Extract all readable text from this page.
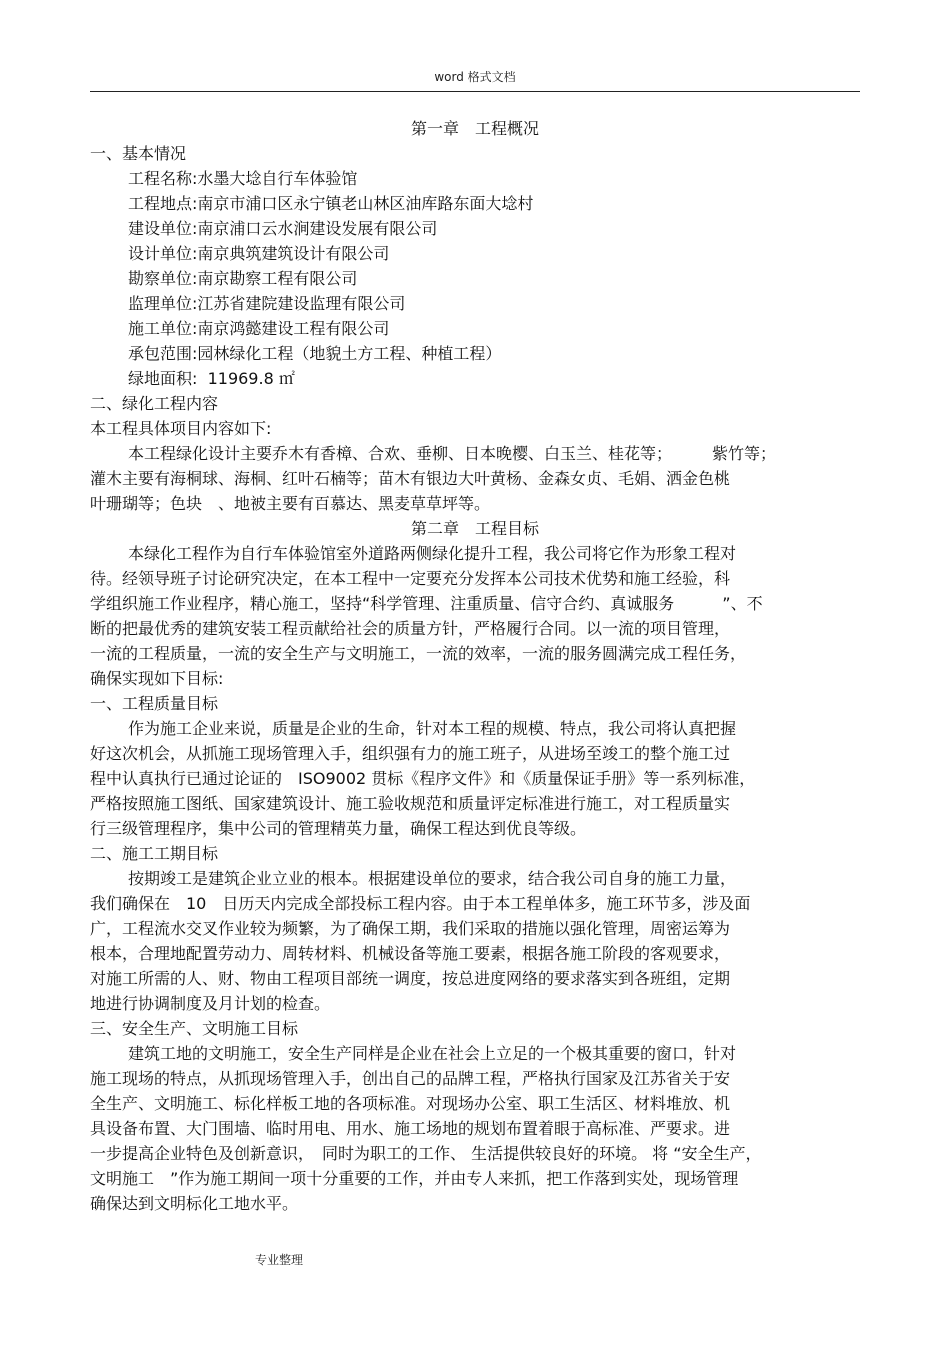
word 格式文档
第一章　工程概况
一、基本情况
工程名称:水墨大埝自行车体验馆
工程地点:南京市浦口区永宁镇老山林区油库路东面大埝村
建设单位:南京浦口云水涧建设发展有限公司
设计单位:南京典筑建筑设计有限公司
勘察单位:南京勘察工程有限公司
监理单位:江苏省建院建设监理有限公司
施工单位:南京鸿懿建设工程有限公司
承包范围:园林绿化工程（地貌土方工程、种植工程）
绿地面积: 11969.8 ㎡
二、绿化工程内容
本工程具体项目内容如下:
本工程绿化设计主要乔木有香樟、合欢、垂柳、日本晚樱、白玉兰、桂花等；　　　紫竹等；
灌木主要有海桐球、海桐、红叶石楠等；苗木有银边大叶黄杨、金森女贞、毛娟、洒金色桃
叶珊瑚等；色块　、地被主要有百慕达、黑麦草草坪等。
第二章　工程目标
本绿化工程作为自行车体验馆室外道路两侧绿化提升工程，我公司将它作为形象工程对
待。经领导班子讨论研究决定，在本工程中一定要充分发挥本公司技术优势和施工经验，科
学组织施工作业程序，精心施工，坚持“科学管理、注重质量、信守合约、真诚服务　　　”、不
断的把最优秀的建筑安装工程贡献给社会的质量方针，严格履行合同。以一流的项目管理，
一流的工程质量，一流的安全生产与文明施工，一流的效率，一流的服务圆满完成工程任务，
确保实现如下目标:
一、工程质量目标
作为施工企业来说，质量是企业的生命，针对本工程的规模、特点，我公司将认真把握
好这次机会，从抓施工现场管理入手，组织强有力的施工班子，从进场至竣工的整个施工过
程中认真执行已通过论证的　ISO9002 贯标《程序文件》和《质量保证手册》等一系列标准，
严格按照施工图纸、国家建筑设计、施工验收规范和质量评定标准进行施工，对工程质量实
行三级管理程序，集中公司的管理精英力量，确保工程达到优良等级。
二、施工工期目标
按期竣工是建筑企业立业的根本。根据建设单位的要求，结合我公司自身的施工力量，
我们确保在　10　日历天内完成全部投标工程内容。由于本工程单体多，施工环节多，涉及面
广，工程流水交叉作业较为频繁，为了确保工期，我们采取的措施以强化管理，周密运筹为
根本，合理地配置劳动力、周转材料、机械设备等施工要素，根据各施工阶段的客观要求，
对施工所需的人、财、物由工程项目部统一调度，按总进度网络的要求落实到各班组，定期
地进行协调制度及月计划的检查。
三、安全生产、文明施工目标
建筑工地的文明施工，安全生产同样是企业在社会上立足的一个极其重要的窗口，针对
施工现场的特点，从抓现场管理入手，创出自己的品牌工程，严格执行国家及江苏省关于安
全生产、文明施工、标化样板工地的各项标准。对现场办公室、职工生活区、材料堆放、机
具设备布置、大门围墙、临时用电、用水、施工场地的规划布置着眼于高标准、严要求。进
一步提高企业特色及创新意识，　同时为职工的工作、 生活提供较良好的环境。 将 “安全生产，
文明施工　”作为施工期间一项十分重要的工作，并由专人来抓，把工作落到实处，现场管理
确保达到文明标化工地水平。
专业整理
